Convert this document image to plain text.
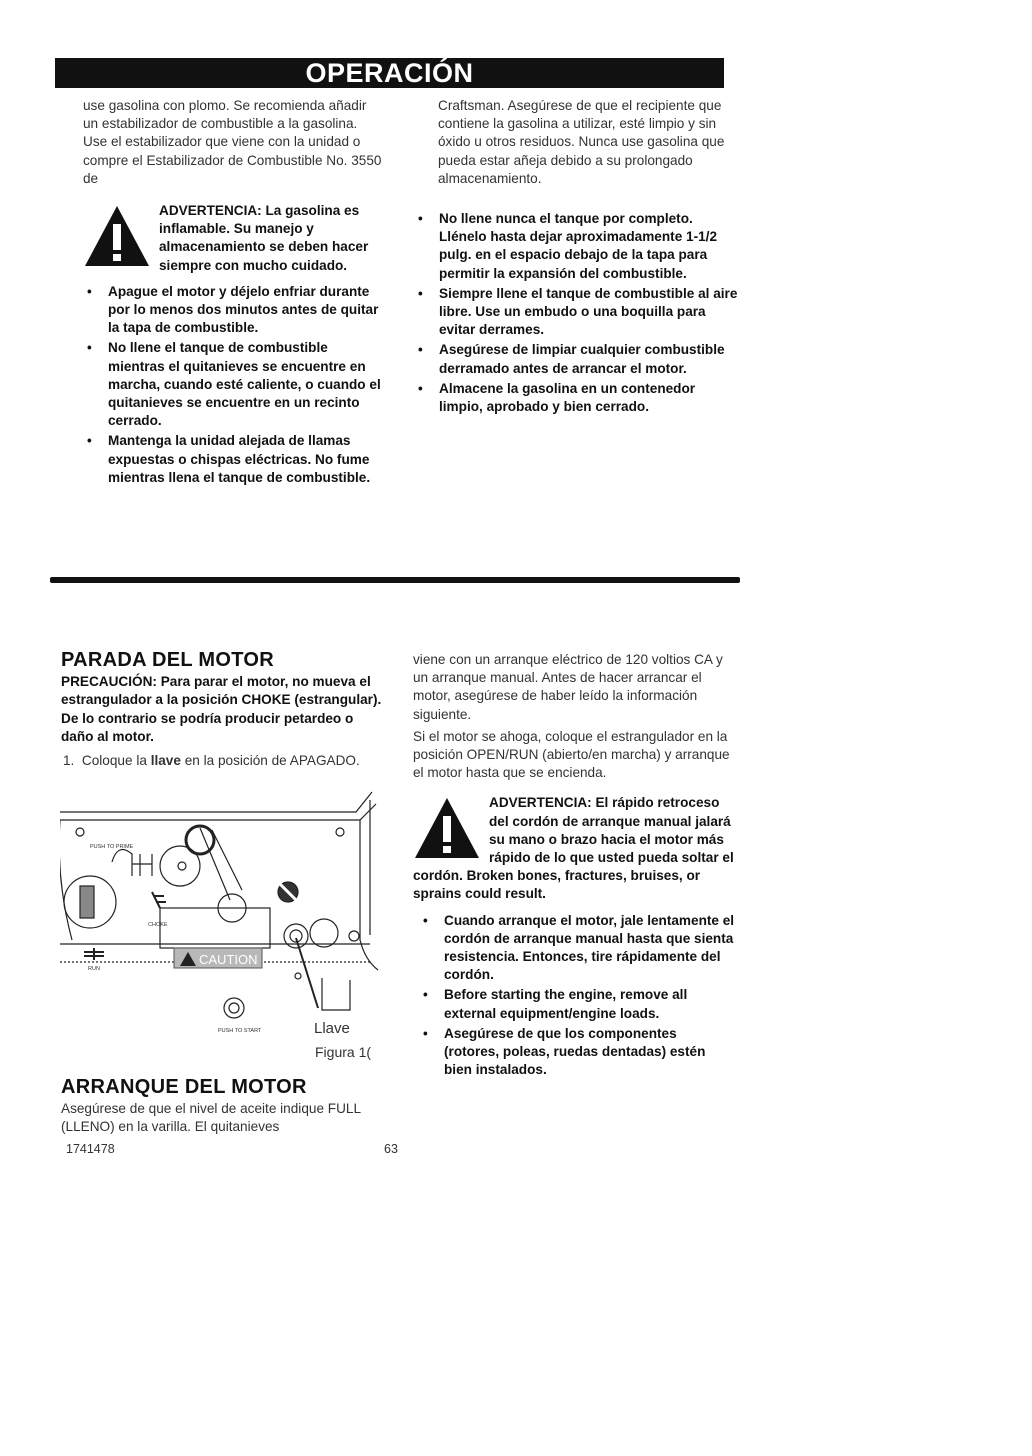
OPERACIÓN

use gasolina con plomo. Se recomienda añadir un estabilizador de combustible a la gasolina. Use el estabilizador que viene con la unidad o compre el Estabilizador de Combustible No. 3550 de

ADVERTENCIA: La gasolina es inflamable. Su manejo y almacenamiento se deben hacer siempre con mucho cuidado.
• Apague el motor y déjelo enfriar durante por lo menos dos minutos antes de quitar la tapa de combustible.
• No llene el tanque de combustible mientras el quitanieves se encuentre en marcha, cuando esté caliente, o cuando el quitanieves se encuentre en un recinto cerrado.
• Mantenga la unidad alejada de llamas expuestas o chispas eléctricas. No fume mientras llena el tanque de combustible.

Craftsman. Asegúrese de que el recipiente que contiene la gasolina a utilizar, esté limpio y sin óxido u otros residuos. Nunca use gasolina que pueda estar añeja debido a su prolongado almacenamiento.

• No llene nunca el tanque por completo. Llénelo hasta dejar aproximadamente 1-1/2 pulg. en el espacio debajo de la tapa para permitir la expansión del combustible.
• Siempre llene el tanque de combustible al aire libre. Use un embudo o una boquilla para evitar derrames.
• Asegúrese de limpiar cualquier combustible derramado antes de arrancar el motor.
• Almacene la gasolina en un contenedor limpio, aprobado y bien cerrado.
PARADA DEL MOTOR

PRECAUCIÓN: Para parar el motor, no mueva el estrangulador a la posición CHOKE (estrangular). De lo contrario se podría producir petardeo o daño al motor.

1. Coloque la llave en la posición de APAGADO.

CAUTION
PUSH TO PRIME
CHOKE
RUN
PUSH TO START	Llave
Figura 1(
ARRANQUE DEL MOTOR

Asegúrese de que el nivel de aceite indique FULL (LLENO) en la varilla. El quitanieves

viene con un arranque eléctrico de 120 voltios CA y un arranque manual. Antes de hacer arrancar el motor, asegúrese de haber leído la información siguiente.

Si el motor se ahoga, coloque el estrangulador en la posición OPEN/RUN (abierto/en marcha) y arranque el motor hasta que se encienda.

ADVERTENCIA: El rápido retroceso del cordón de arranque manual jalará su mano o brazo hacia el motor más rápido de lo que usted pueda soltar el cordón. Broken bones, fractures, bruises, or sprains could result.
• Cuando arranque el motor, jale lentamente el cordón de arranque manual hasta que sienta resistencia. Entonces, tire rápidamente del cordón.
• Before starting the engine, remove all external equipment/engine loads.
• Asegúrese de que los componentes (rotores, poleas, ruedas dentadas) estén bien instalados.
1741478	63
